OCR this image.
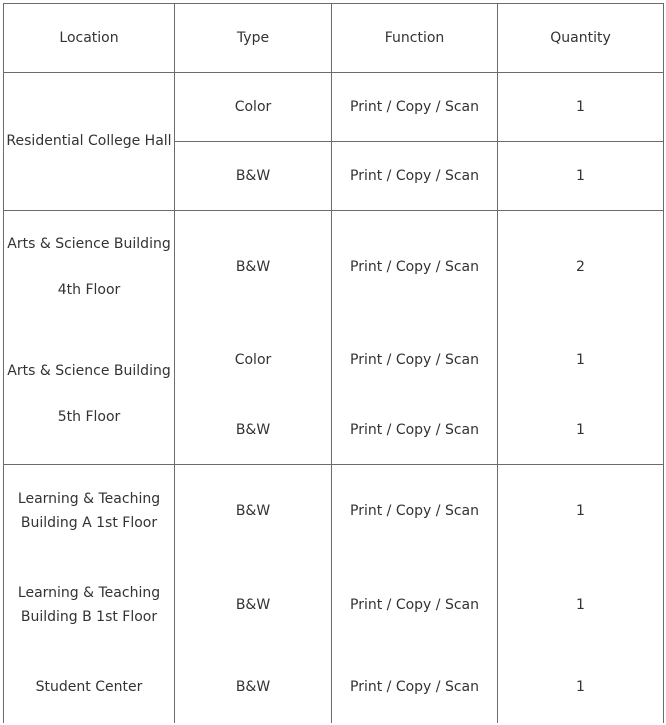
Location	Type	Function	Quantity

Residential College Hall	Color	Print / Copy / Scan	1
	B&W	Print / Copy / Scan	1

Arts & Science Building
4th Floor	B&W	Print / Copy / Scan	2

Arts & Science Building
5th Floor	Color	Print / Copy / Scan	1
	B&W	Print / Copy / Scan	1

Learning & Teaching
Building A 1st Floor	B&W	Print / Copy / Scan	1

Learning & Teaching
Building B 1st Floor	B&W	Print / Copy / Scan	1

Student Center	B&W	Print / Copy / Scan	1
